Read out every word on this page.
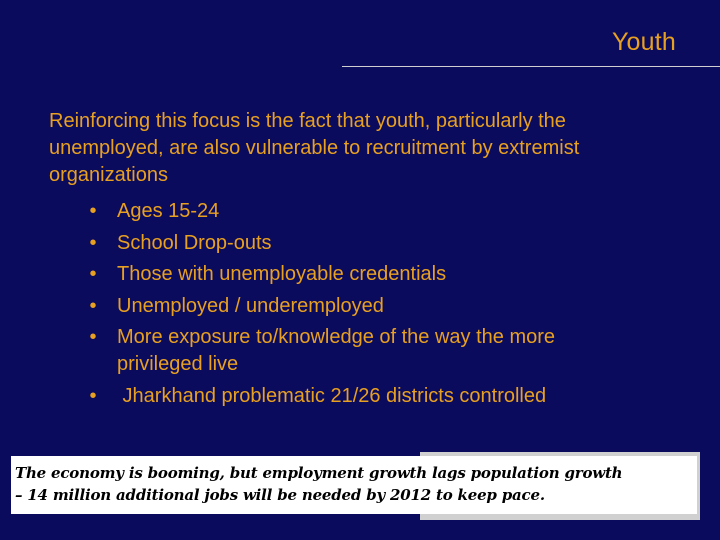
Youth
Reinforcing this focus is the fact that youth, particularly the unemployed, are also vulnerable to recruitment by extremist organizations
• Ages 15-24
• School Drop-outs
• Those with unemployable credentials
• Unemployed / underemployed
• More exposure to/knowledge of the way the more privileged live
• Jharkhand problematic 21/26 districts controlled
The economy is booming, but employment growth lags population growth
– 14 million additional jobs will be needed by 2012 to keep pace.
